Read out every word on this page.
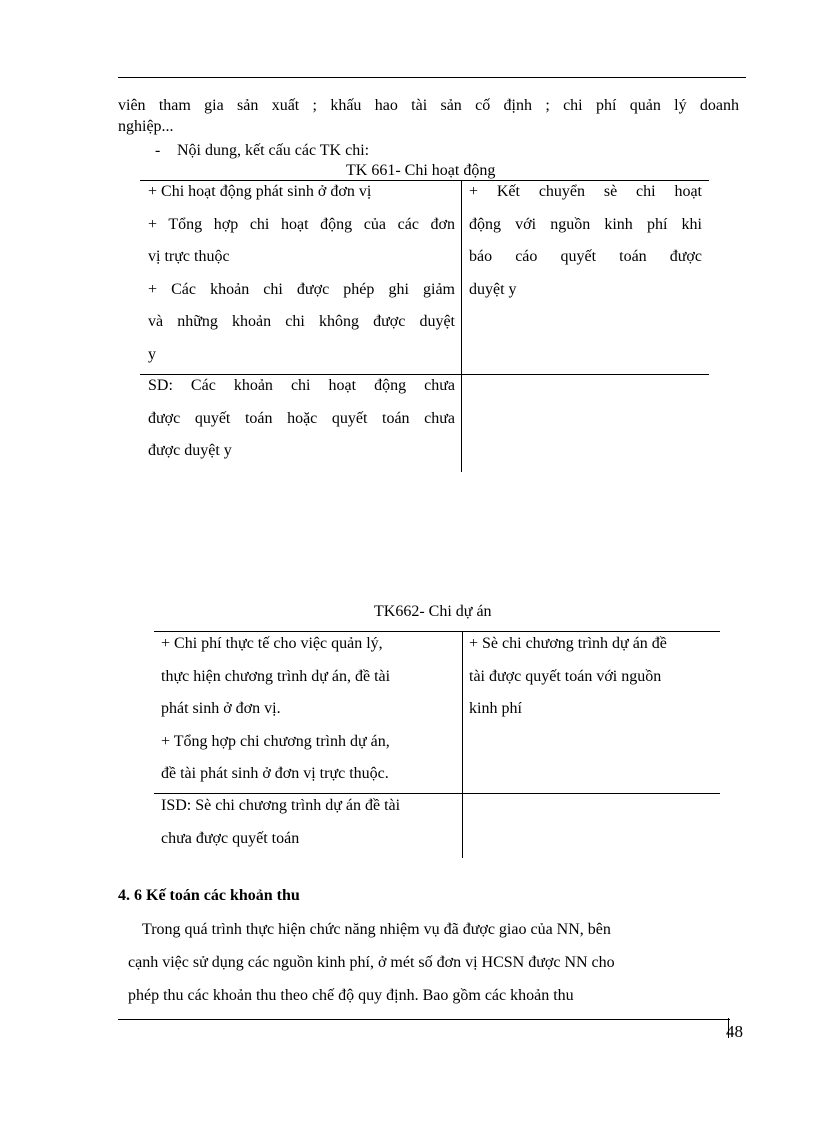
viên tham gia sản xuất ; khấu hao tài sản cố định ; chi phí quản lý doanh
nghiệp...
- Nội dung, kết cấu các TK chi:
TK 661- Chi hoạt động
+ Chi hoạt động phát sinh ở đơn vị
+ Tổng hợp chi hoạt động của các đơn
vị trực thuộc
+ Các khoản chi được phép ghi giảm
và những khoản chi không được duyệt
y
+ Kết chuyển sè chi hoạt
động với nguồn kinh phí khi
báo cáo quyết toán được
duyệt y
SD: Các khoản chi hoạt động chưa
được quyết toán hoặc quyết toán chưa
được duyệt y
TK662- Chi dự án
+ Chi phí thực tế cho việc quản lý,
thực hiện chương trình dự án, đề tài
phát sinh ở đơn vị.
+ Tổng hợp chi chương trình dự án,
đề tài phát sinh ở đơn vị trực thuộc.
+ Sè chi chương trình dự án đề
tài được quyết toán với nguồn
kinh phí
ISD: Sè chi chương trình dự án đề tài
chưa được quyết toán
4. 6 Kế toán các khoản thu
Trong quá trình thực hiện chức năng nhiệm vụ đã được giao của NN, bên
cạnh việc sử dụng các nguồn kinh phí, ở mét số đơn vị HCSN được NN cho
phép thu các khoản thu theo chế độ quy định. Bao gồm các khoản thu
48
